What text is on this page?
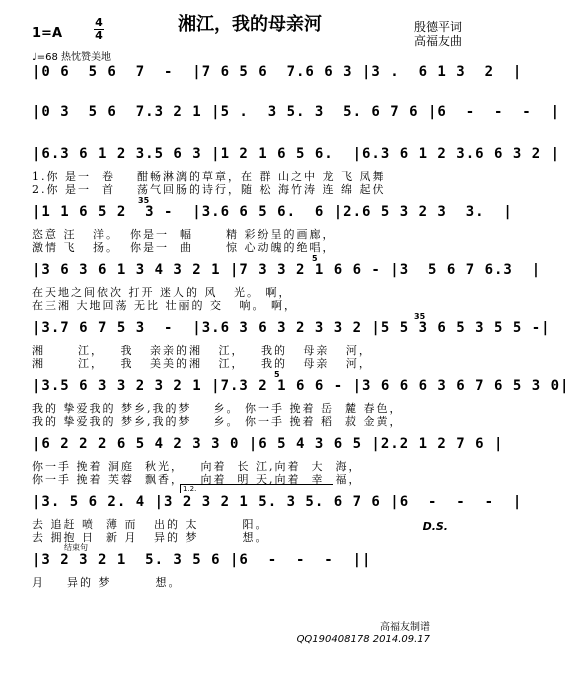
湘江，我的母亲河
1=A
4
4
殷德平词
高福友曲
♩=68 热忱赞美地
|0 6  5 6  7  -  |7 6 5 6  7.6 6 3 |3 .  6 1 3  2  |
|0 3  5 6  7.3 2 1 |5 .  3 5. 3  5. 6 7 6 |6  -  -  -  |
|6.3 6 1 2 3.5 6 3 |1 2 1 6 5 6.  |6.3 6 1 2 3.6 6 3 2 |
1.你 是一  卷    酣畅淋漓的草章，在 群 山之中 龙 飞 凤舞
2.你 是一  首    荡气回肠的诗行，随 松 海竹涛 连 绵 起伏
35
|1 1 6 5 2  3 -  |3.6 6 5 6.  6 |2.6 5 3 2 3  3.  |
恣意 汪   洋。  你是一  幅      精 彩纷呈的画廊，
激情 飞   扬。  你是一  曲      惊 心动魄的绝唱，
5
|3 6 3 6 1 3 4 3 2 1 |7 3 3 2 1 6 6 - |3  5 6 7 6.3  |
在天地之间依次 打开 迷人的 风   光。 啊，
在三湘 大地回荡 无比 壮丽的 交   响。 啊，
35
|3.7 6 7 5 3  -  |3.6 3 6 3 2 3 3 2 |5 5 3 6 5 3 5 5 -|
湘      江，   我   亲亲的湘   江，   我的   母亲   河，
湘      江，   我   美美的湘   江，   我的   母亲   河，
5
|3.5 6 3 3 2 3 2 1 |7.3 2 1 6 6 - |3 6 6 6 3 6 7 6 5 3 0|
我的 挚爱我的 梦乡,我的梦    乡。 你一手 挽着 岳  麓 春色，
我的 挚爱我的 梦乡,我的梦    乡。 你一手 挽着 稻  菽 金黄，
|6 2 2 2 6 5 4 2 3 3 0 |6 5 4 3 6 5 |2.2 1 2 7 6 |
你一手 挽着 洞庭  秋光，   向着  长 江,向着  大  海，
你一手 挽着 芙蓉  飘香，   向着  明 天,向着  幸  福，
1.2.
|3. 5 6 2. 4 |3 2 3 2 1 5. 3 5. 6 7 6 |6  -  -  -  |
去 追赶 喷  薄 而   出的 太        阳。
去 拥抱 日  新 月   异的 梦        想。
D.S.
结束句
|3 2 3 2 1  5. 3 5 6 |6  -  -  -  ||
月    异的 梦        想。
高福友制谱
QQ190408178 2014.09.17
